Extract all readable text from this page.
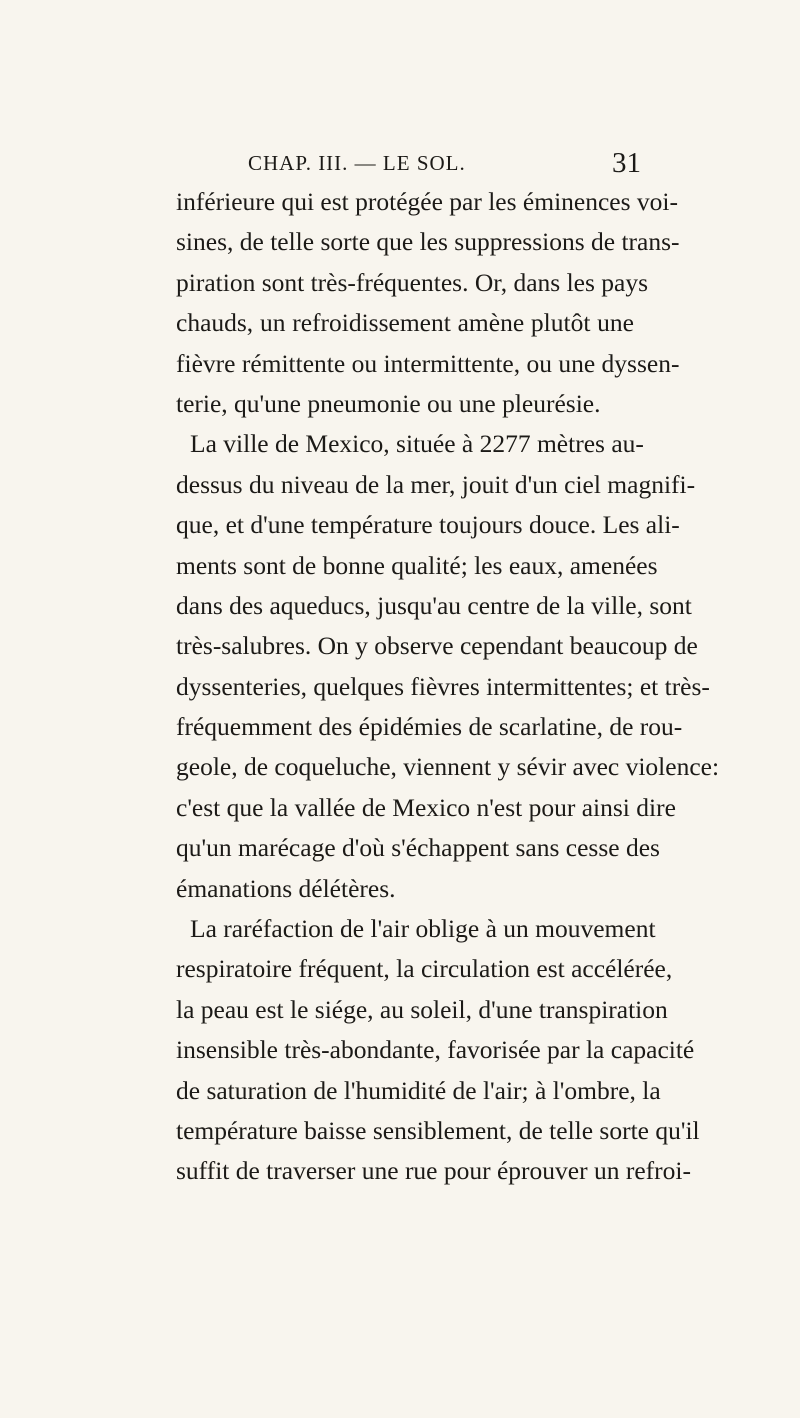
CHAP. III. — LE SOL.	31
inférieure qui est protégée par les éminences voi-
sines, de telle sorte que les suppressions de trans-
piration sont très-fréquentes. Or, dans les pays
chauds, un refroidissement amène plutôt une
fièvre rémittente ou intermittente, ou une dyssen-
terie, qu'une pneumonie ou une pleurésie.
La ville de Mexico, située à 2277 mètres au-
dessus du niveau de la mer, jouit d'un ciel magnifi-
que, et d'une température toujours douce. Les ali-
ments sont de bonne qualité; les eaux, amenées
dans des aqueducs, jusqu'au centre de la ville, sont
très-salubres. On y observe cependant beaucoup de
dyssenteries, quelques fièvres intermittentes; et très-
fréquemment des épidémies de scarlatine, de rou-
geole, de coqueluche, viennent y sévir avec violence:
c'est que la vallée de Mexico n'est pour ainsi dire
qu'un marécage d'où s'échappent sans cesse des
émanations délétères.
La raréfaction de l'air oblige à un mouvement
respiratoire fréquent, la circulation est accélérée,
la peau est le siége, au soleil, d'une transpiration
insensible très-abondante, favorisée par la capacité
de saturation de l'humidité de l'air; à l'ombre, la
température baisse sensiblement, de telle sorte qu'il
suffit de traverser une rue pour éprouver un refroi-
